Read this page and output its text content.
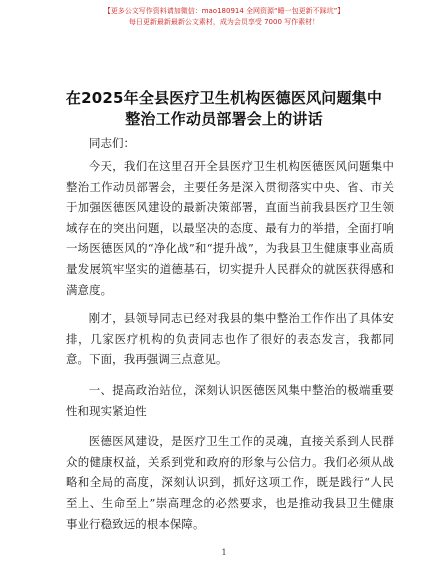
【更多公文写作资料请加微信：mao180914 全网资源“睡一包更新不踩坑”】
每日更新最新最新公文素材，成为会员享受 7000 写作素材！
在2025年全县医疗卫生机构医德医风问题集中
整治工作动员部署会上的讲话
同志们：

今天，我们在这里召开全县医疗卫生机构医德医风问题集中整治工作动员部署会，主要任务是深入贯彻落实中央、省、市关于加强医德医风建设的最新决策部署，直面当前我县医疗卫生领域存在的突出问题，以最坚决的态度、最有力的举措，全面打响一场医德医风的“净化战”和“提升战”，为我县卫生健康事业高质量发展筑牢坚实的道德基石，切实提升人民群众的就医获得感和满意度。

刚才，县领导同志已经对我县的集中整治工作作出了具体安排，几家医疗机构的负责同志也作了很好的表态发言，我都同意。下面，我再强调三点意见。

一、提高政治站位，深刻认识医德医风集中整治的极端重要性和现实紧迫性

医德医风建设，是医疗卫生工作的灵魂，直接关系到人民群众的健康权益，关系到党和政府的形象与公信力。我们必须从战略和全局的高度，深刻认识到，抓好这项工作，既是践行“人民至上、生命至上”崇高理念的必然要求，也是推动我县卫生健康事业行稳致远的根本保障。

1
